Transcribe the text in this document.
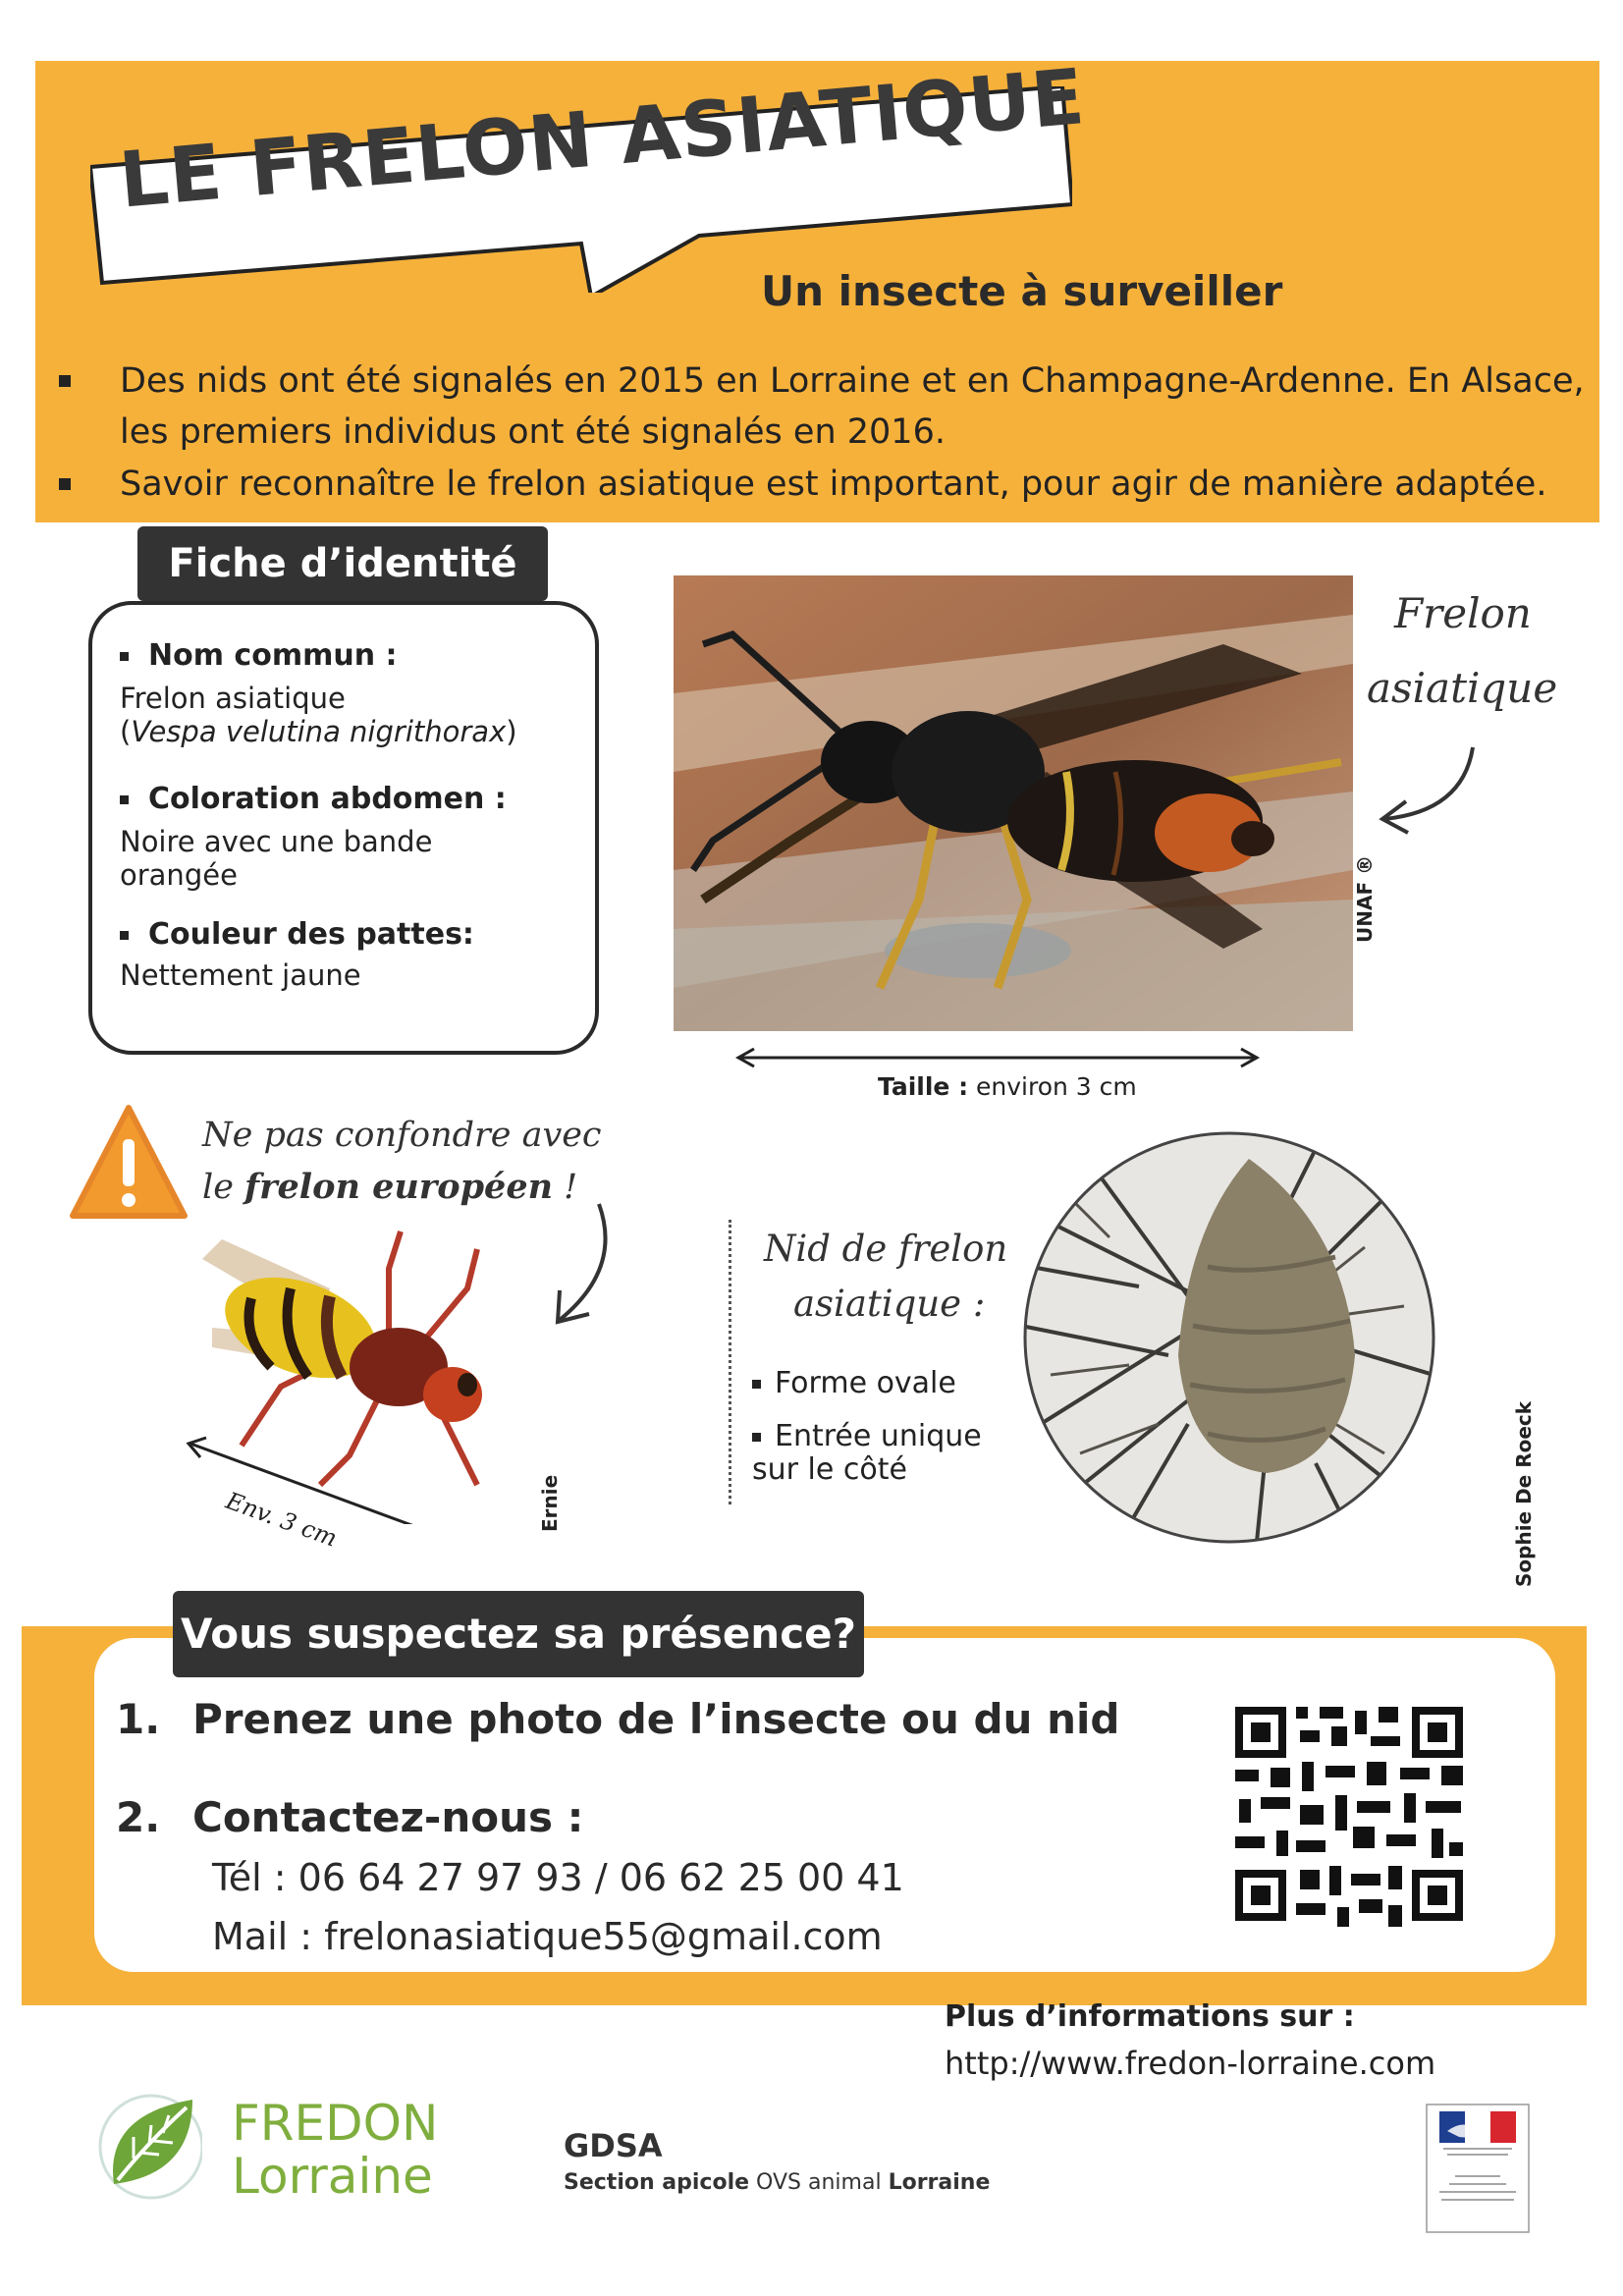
LE FRELON ASIATIQUE
Un insecte à surveiller
Des nids ont été signalés en 2015 en Lorraine et en Champagne-Ardenne. En Alsace, les premiers individus ont été signalés en 2016.
Savoir reconnaître le frelon asiatique est important, pour agir de manière adaptée.
Nom commun :
Frelon asiatique
(Vespa velutina nigrithorax)
Coloration abdomen :
Noire avec une bande orangée
Couleur des pattes:
Nettement jaune
Fiche d’identité
UNAF ®
Frelon
asiatique
Taille : environ 3 cm
Ne pas confondre avec
le frelon européen !
Env. 3 cm	Ernie
Nid de frelon
asiatique :
Forme ovale
Entrée unique
sur le côté	Sophie De Roeck
Vous suspectez sa présence?
1. Prenez une photo de l’insecte ou du nid
2. Contactez-nous :
Tél : 06 64 27 97 93 / 06 62 25 00 41
Mail : frelonasiatique55@gmail.com
Plus d’informations sur :
http://www.fredon-lorraine.com
FREDON
Lorraine
GDSA
Section apicole OVS animal Lorraine
